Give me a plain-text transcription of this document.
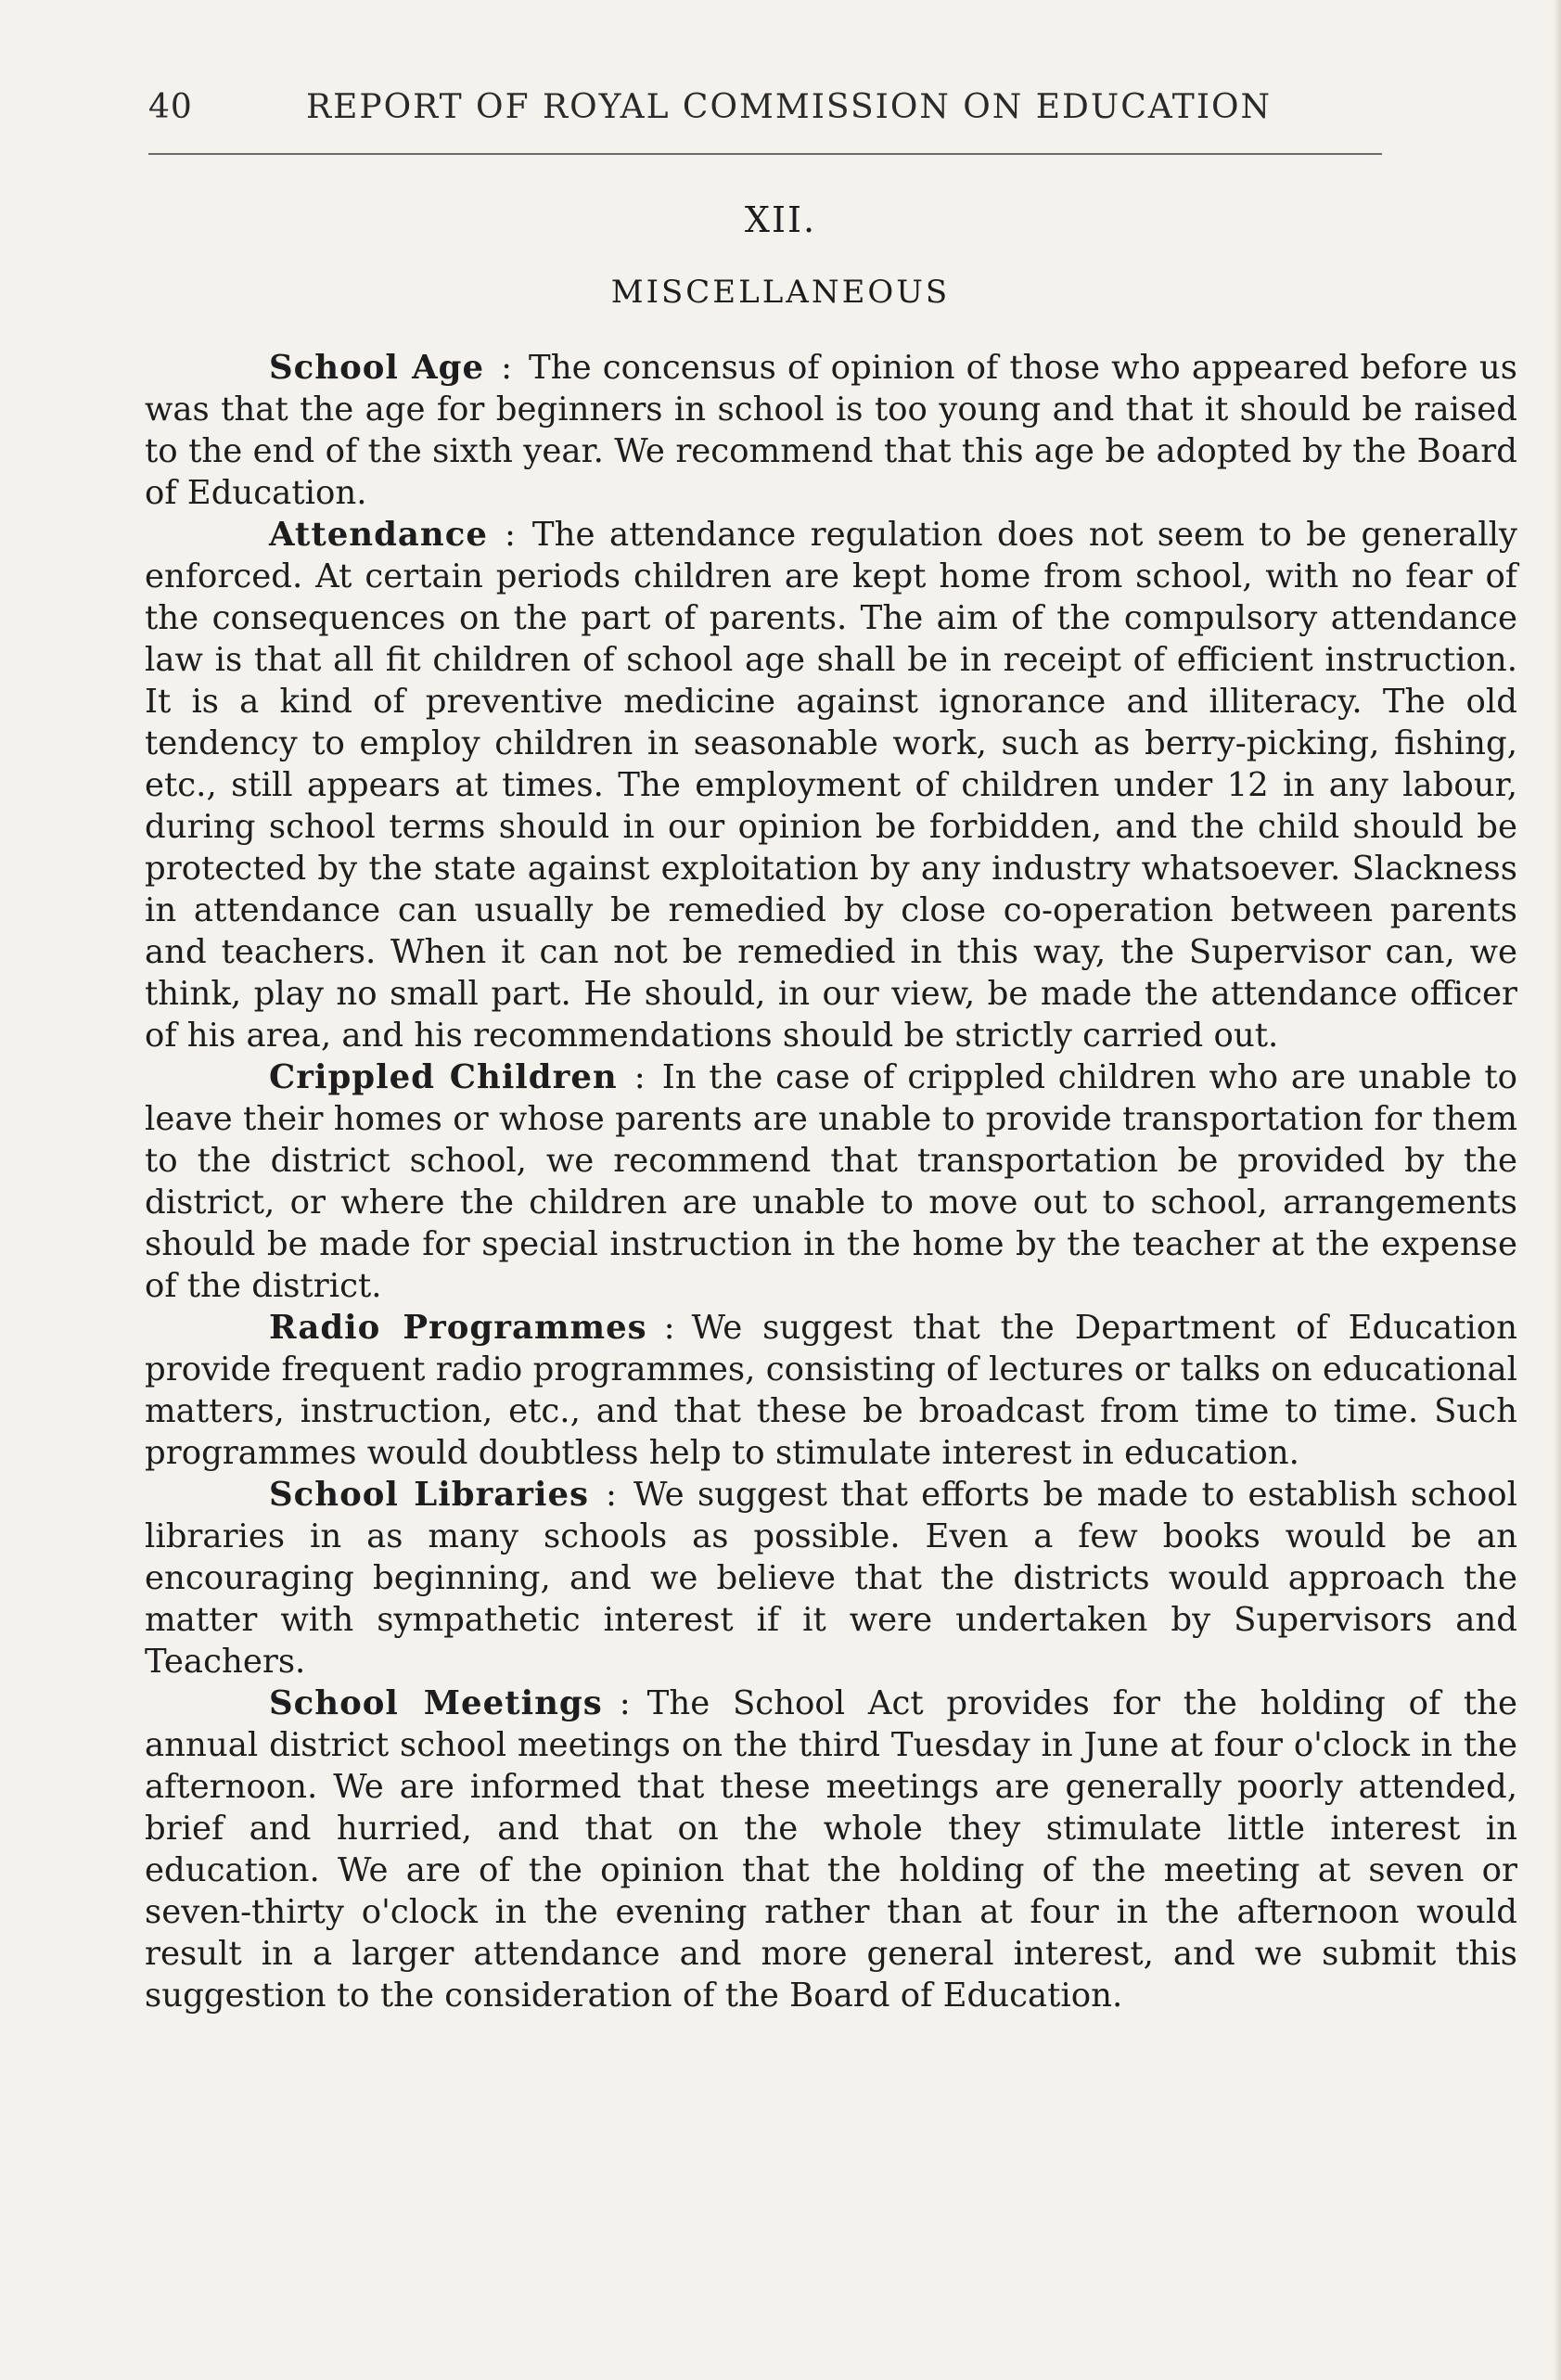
40	REPORT OF ROYAL COMMISSION ON EDUCATION
XII.
MISCELLANEOUS

School Age : The concensus of opinion of those who appeared before us was that the age for beginners in school is too young and that it should be raised to the end of the sixth year. We recommend that this age be adopted by the Board of Education.

Attendance : The attendance regulation does not seem to be generally enforced. At certain periods children are kept home from school, with no fear of the consequences on the part of parents. The aim of the compulsory attendance law is that all fit children of school age shall be in receipt of efficient instruction. It is a kind of preventive medicine against ignorance and illiteracy. The old tendency to employ children in seasonable work, such as berry-picking, fishing, etc., still appears at times. The employment of children under 12 in any labour, during school terms should in our opinion be forbidden, and the child should be protected by the state against exploitation by any industry whatsoever. Slackness in attendance can usually be remedied by close co-operation between parents and teachers. When it can not be remedied in this way, the Supervisor can, we think, play no small part. He should, in our view, be made the attendance officer of his area, and his recommendations should be strictly carried out.

Crippled Children : In the case of crippled children who are unable to leave their homes or whose parents are unable to provide transportation for them to the district school, we recommend that transportation be provided by the district, or where the children are unable to move out to school, arrangements should be made for special instruction in the home by the teacher at the expense of the district.

Radio Programmes : We suggest that the Department of Education provide frequent radio programmes, consisting of lectures or talks on educational matters, instruction, etc., and that these be broadcast from time to time. Such programmes would doubtless help to stimulate interest in education.

School Libraries : We suggest that efforts be made to establish school libraries in as many schools as possible. Even a few books would be an encouraging beginning, and we believe that the districts would approach the matter with sympathetic interest if it were undertaken by Supervisors and Teachers.

School Meetings : The School Act provides for the holding of the annual district school meetings on the third Tuesday in June at four o'clock in the afternoon. We are informed that these meetings are generally poorly attended, brief and hurried, and that on the whole they stimulate little interest in education. We are of the opinion that the holding of the meeting at seven or seven-thirty o'clock in the evening rather than at four in the afternoon would result in a larger attendance and more general interest, and we submit this suggestion to the consideration of the Board of Education.
